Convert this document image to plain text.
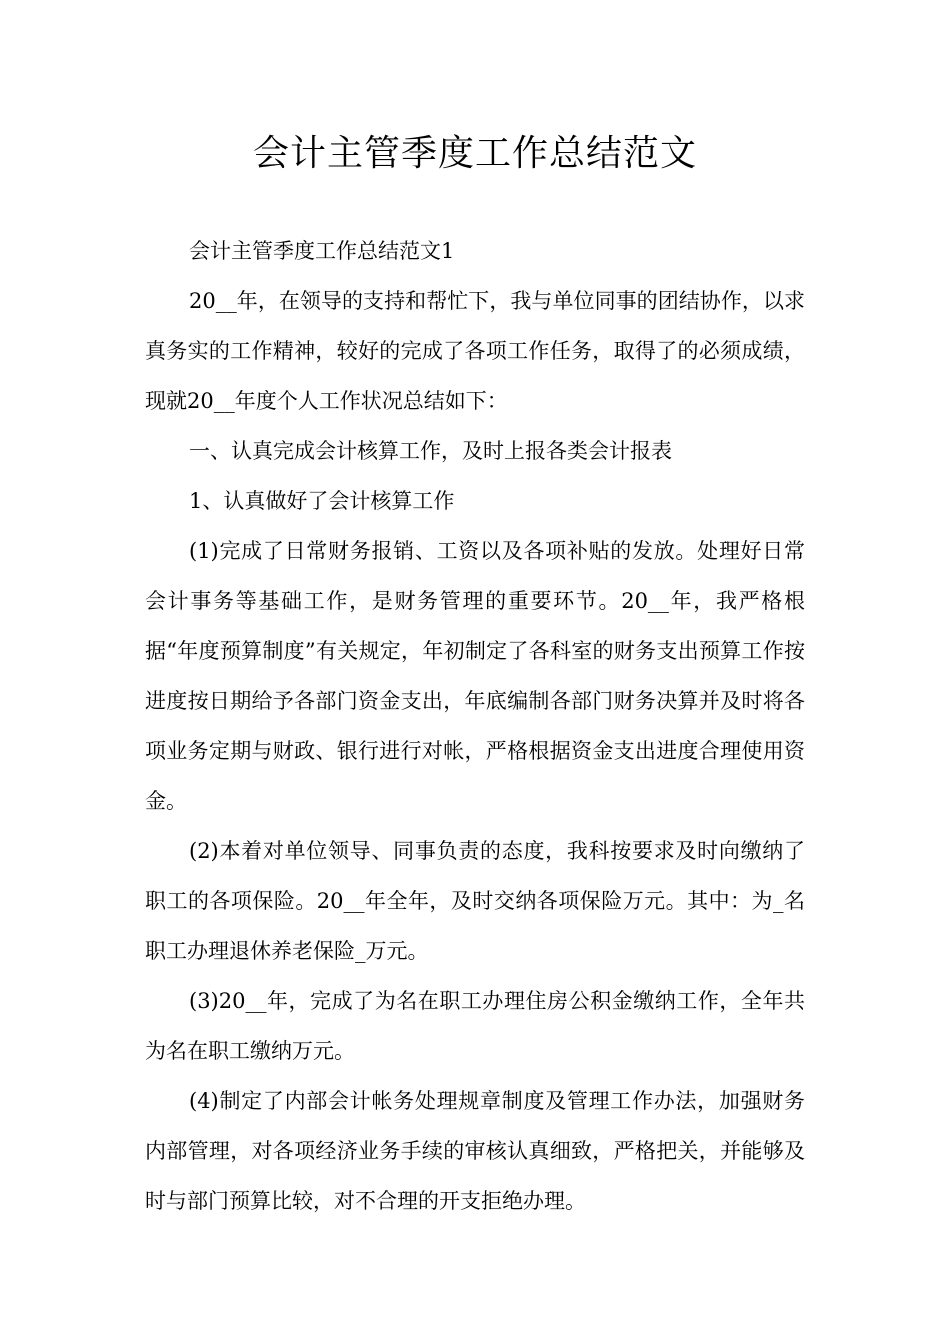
会计主管季度工作总结范文

会计主管季度工作总结范文1

20__年，在领导的支持和帮忙下，我与单位同事的团结协作，以求真务实的工作精神，较好的完成了各项工作任务，取得了的必须成绩，现就20__年度个人工作状况总结如下：

一、认真完成会计核算工作，及时上报各类会计报表

1、认真做好了会计核算工作

(1)完成了日常财务报销、工资以及各项补贴的发放。处理好日常会计事务等基础工作，是财务管理的重要环节。20__年，我严格根据“年度预算制度”有关规定，年初制定了各科室的财务支出预算工作按进度按日期给予各部门资金支出，年底编制各部门财务决算并及时将各项业务定期与财政、银行进行对帐，严格根据资金支出进度合理使用资金。

(2)本着对单位领导、同事负责的态度，我科按要求及时向缴纳了职工的各项保险。20__年全年，及时交纳各项保险万元。其中：为_名职工办理退休养老保险_万元。

(3)20__年，完成了为名在职工办理住房公积金缴纳工作，全年共为名在职工缴纳万元。

(4)制定了内部会计帐务处理规章制度及管理工作办法，加强财务内部管理，对各项经济业务手续的审核认真细致，严格把关，并能够及时与部门预算比较，对不合理的开支拒绝办理。
